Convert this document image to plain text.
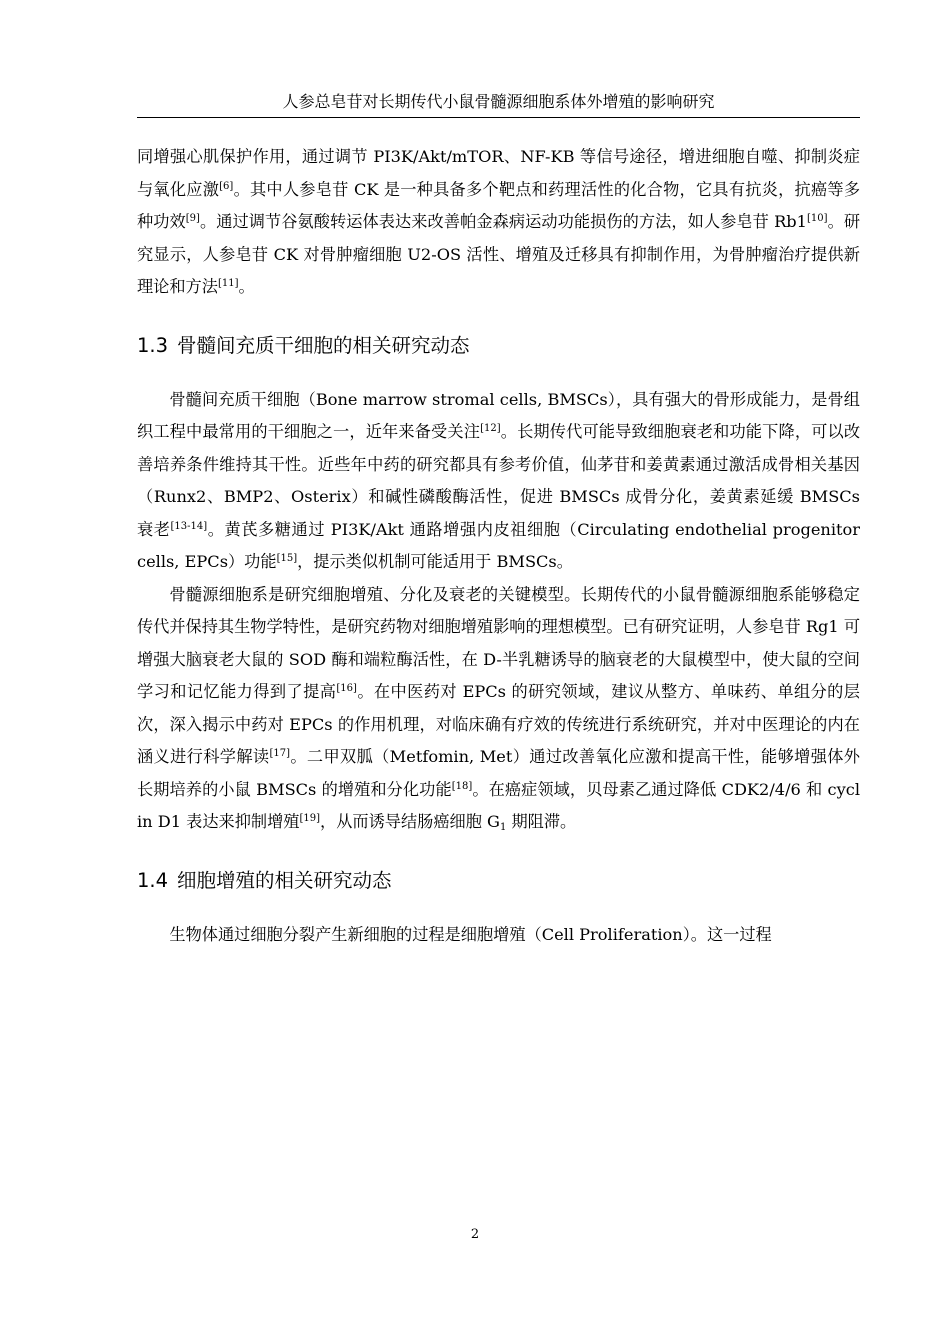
人参总皂苷对长期传代小鼠骨髓源细胞系体外增殖的影响研究

同增强心肌保护作用，通过调节 PI3K/Akt/mTOR、NF-KB 等信号途径，增进细胞自噬、抑制炎症与氧化应激[6]。其中人参皂苷 CK 是一种具备多个靶点和药理活性的化合物，它具有抗炎，抗癌等多种功效[9]。通过调节谷氨酸转运体表达来改善帕金森病运动功能损伤的方法，如人参皂苷 Rb1[10]。研究显示，人参皂苷 CK 对骨肿瘤细胞 U2-OS 活性、增殖及迁移具有抑制作用，为骨肿瘤治疗提供新理论和方法[11]。

1.3 骨髓间充质干细胞的相关研究动态

骨髓间充质干细胞（Bone marrow stromal cells, BMSCs），具有强大的骨形成能力，是骨组织工程中最常用的干细胞之一，近年来备受关注[12]。长期传代可能导致细胞衰老和功能下降，可以改善培养条件维持其干性。近些年中药的研究都具有参考价值，仙茅苷和姜黄素通过激活成骨相关基因（Runx2、BMP2、Osterix）和碱性磷酸酶活性，促进 BMSCs 成骨分化，姜黄素延缓 BMSCs 衰老[13-14]。黄芪多糖通过 PI3K/Akt 通路增强内皮祖细胞（Circulating endothelial progenitor cells, EPCs）功能[15]，提示类似机制可能适用于 BMSCs。

骨髓源细胞系是研究细胞增殖、分化及衰老的关键模型。长期传代的小鼠骨髓源细胞系能够稳定传代并保持其生物学特性，是研究药物对细胞增殖影响的理想模型。已有研究证明，人参皂苷 Rg1 可增强大脑衰老大鼠的 SOD 酶和端粒酶活性，在 D-半乳糖诱导的脑衰老的大鼠模型中，使大鼠的空间学习和记忆能力得到了提高[16]。在中医药对 EPCs 的研究领域，建议从整方、单味药、单组分的层次，深入揭示中药对 EPCs 的作用机理，对临床确有疗效的传统进行系统研究，并对中医理论的内在涵义进行科学解读[17]。二甲双胍（Metfomin, Met）通过改善氧化应激和提高干性，能够增强体外长期培养的小鼠 BMSCs 的增殖和分化功能[18]。在癌症领域，贝母素乙通过降低 CDK2/4/6 和 cyclin D1 表达来抑制增殖[19]，从而诱导结肠癌细胞 $G_1$ 期阻滞。

1.4 细胞增殖的相关研究动态

生物体通过细胞分裂产生新细胞的过程是细胞增殖（Cell Proliferation）。这一过程

2
